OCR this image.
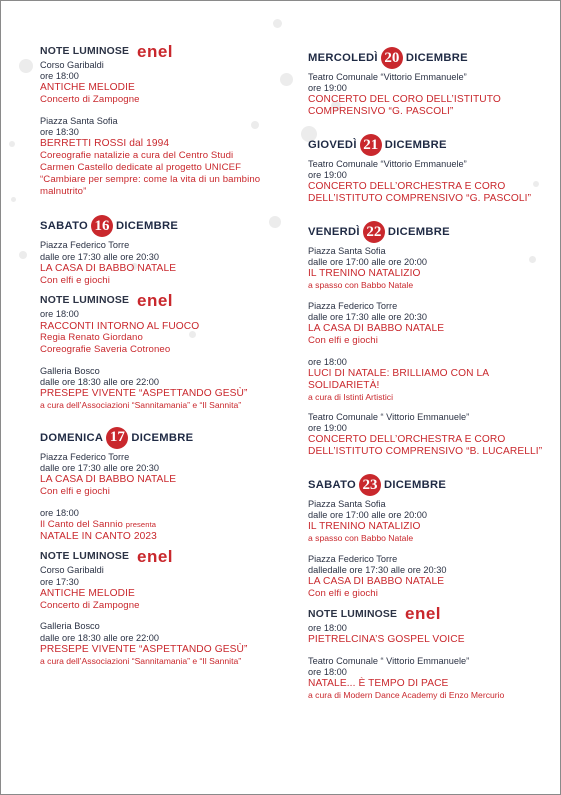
NOTE LUMINOSE enel
Corso Garibaldi
ore 18:00
ANTICHE MELODIE
Concerto di Zampogne
Piazza Santa Sofia
ore 18:30
BERRETTI ROSSI dal 1994
Coreografie natalizie a cura del Centro Studi
Carmen Castello dedicate al progetto UNICEF
“Cambiare per sempre: come la vita di un bambino
malnutrito”
SABATO 16 DICEMBRE
Piazza Federico Torre
dalle ore 17:30 alle ore 20:30
LA CASA DI BABBO NATALE
Con elfi e giochi
NOTE LUMINOSE enel
ore 18:00
RACCONTI INTORNO AL FUOCO
Regia Renato Giordano
Coreografie Saveria Cotroneo
Galleria Bosco
dalle ore 18:30 alle ore 22:00
PRESEPE VIVENTE “ASPETTANDO GESÙ”
a cura dell’Associazioni “Sannitamania” e “Il Sannita”
DOMENICA 17 DICEMBRE
Piazza Federico Torre
dalle ore 17:30 alle ore 20:30
LA CASA DI BABBO NATALE
Con elfi e giochi
ore 18:00
Il Canto del Sannio presenta
NATALE IN CANTO 2023
NOTE LUMINOSE enel
Corso Garibaldi
ore 17:30
ANTICHE MELODIE
Concerto di Zampogne
Galleria Bosco
dalle ore 18:30 alle ore 22:00
PRESEPE VIVENTE “ASPETTANDO GESÙ”
a cura dell’Associazioni “Sannitamania” e “Il Sannita”
MERCOLEDÌ 20 DICEMBRE
Teatro Comunale “Vittorio Emmanuele”
ore 19:00
CONCERTO DEL CORO DELL’ISTITUTO
COMPRENSIVO “G. PASCOLI”
GIOVEDÌ 21 DICEMBRE
Teatro Comunale “Vittorio Emmanuele”
ore 19:00
CONCERTO DELL’ORCHESTRA E CORO
DELL’ISTITUTO COMPRENSIVO “G. PASCOLI”
VENERDÌ 22 DICEMBRE
Piazza Santa Sofia
dalle ore 17:00 alle ore 20:00
IL TRENINO NATALIZIO
a spasso con Babbo Natale
Piazza Federico Torre
dalle ore 17:30 alle ore 20:30
LA CASA DI BABBO NATALE
Con elfi e giochi
ore 18:00
LUCI DI NATALE: BRILLIAMO CON LA
SOLIDARIETÀ!
a cura di Istinti Artistici
Teatro Comunale “ Vittorio Emmanuele”
ore 19:00
CONCERTO DELL’ORCHESTRA E CORO
DELL’ISTITUTO COMPRENSIVO “B. LUCARELLI”
SABATO 23 DICEMBRE
Piazza Santa Sofia
dalle ore 17:00 alle ore 20:00
IL TRENINO NATALIZIO
a spasso con Babbo Natale
Piazza Federico Torre
dalledalle ore 17:30 alle ore 20:30
LA CASA DI BABBO NATALE
Con elfi e giochi
NOTE LUMINOSE enel
ore 18:00
PIETRELCINA’S GOSPEL VOICE
Teatro Comunale “ Vittorio Emmanuele”
ore 18:00
NATALE... È TEMPO DI PACE
a cura di Modern Dance Academy di Enzo Mercurio
